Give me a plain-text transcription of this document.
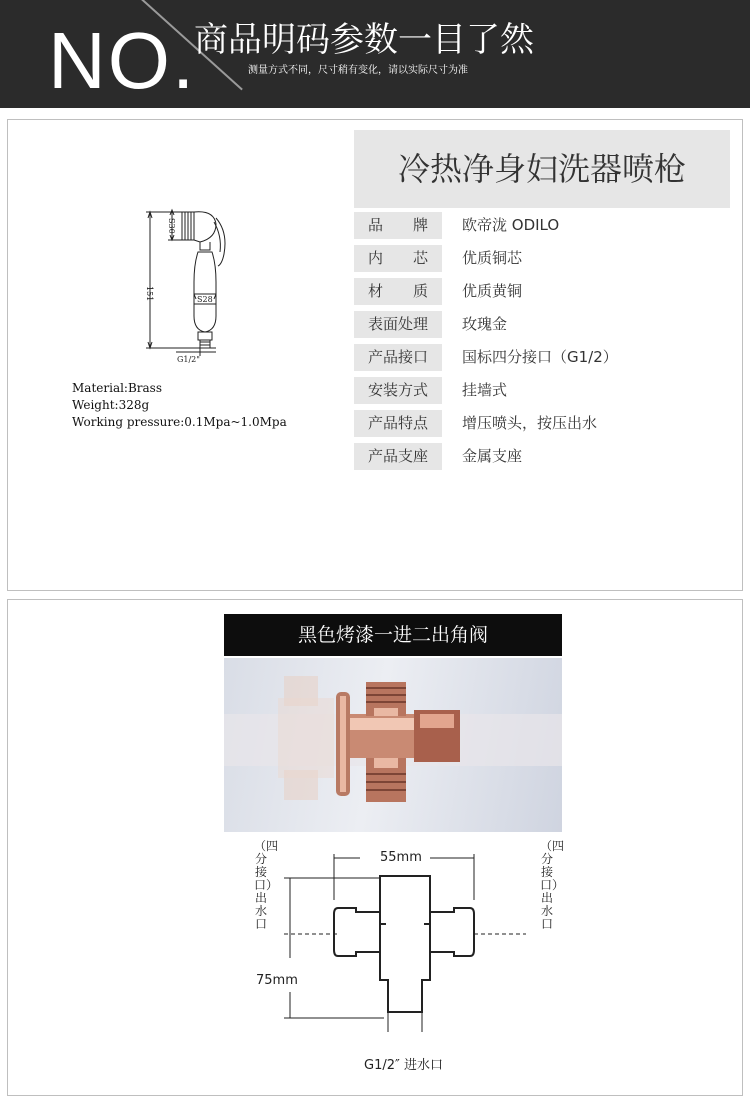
NO.
商品明码参数一目了然
测量方式不同，尺寸稍有变化，请以实际尺寸为准
151
S30
S28
G1/2"
Material:Brass
Weight:328g
Working pressure:0.1Mpa~1.0Mpa
冷热净身妇洗器喷枪
品 牌	欧帝泷 ODILO
内 芯	优质铜芯
材 质	优质黄铜
表面处理	玫瑰金
产品接口	国标四分接口（G1/2）
安装方式	挂墙式
产品特点	增压喷头，按压出水
产品支座	金属支座
黑色烤漆一进二出角阀
55mm
75mm
（四分接口）出水口
（四分接口）出水口
G1/2″ 进水口
